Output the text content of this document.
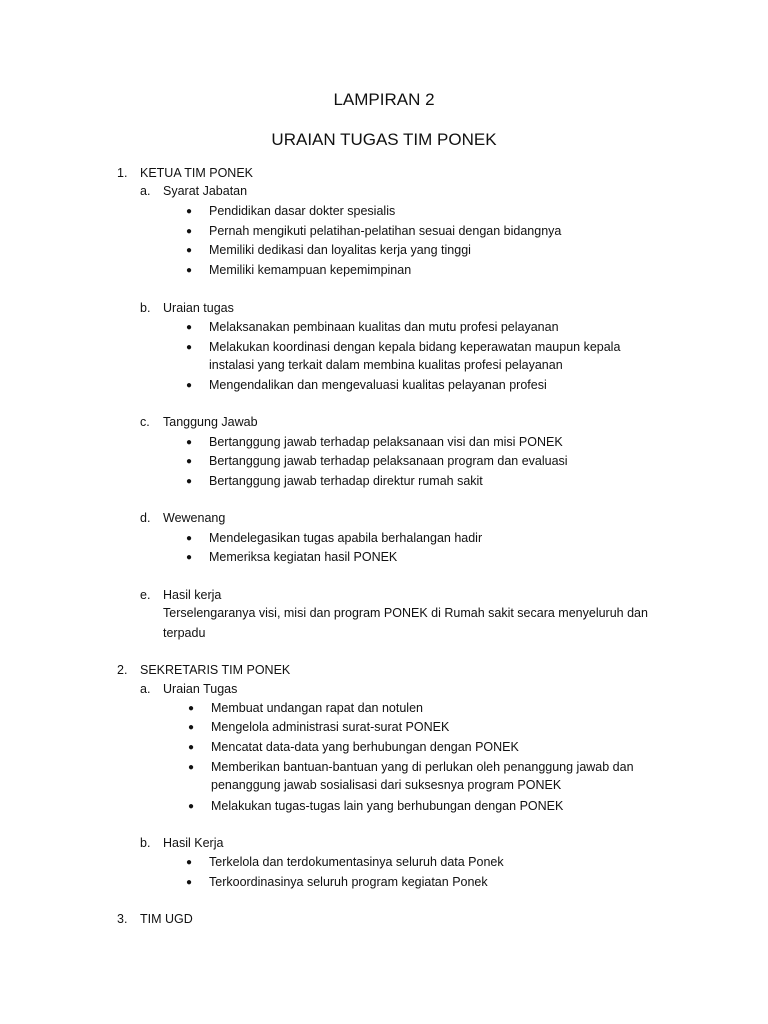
LAMPIRAN 2
URAIAN TUGAS TIM PONEK
1. KETUA TIM PONEK
a. Syarat Jabatan
● Pendidikan dasar dokter spesialis
● Pernah mengikuti pelatihan-pelatihan sesuai dengan bidangnya
● Memiliki dedikasi dan loyalitas kerja yang tinggi
● Memiliki kemampuan kepemimpinan
b. Uraian tugas
● Melaksanakan pembinaan kualitas dan mutu profesi pelayanan
● Melakukan koordinasi dengan kepala bidang keperawatan maupun kepala
instalasi yang terkait dalam membina kualitas profesi pelayanan
● Mengendalikan dan mengevaluasi kualitas pelayanan profesi
c. Tanggung Jawab
● Bertanggung jawab terhadap pelaksanaan visi dan misi PONEK
● Bertanggung jawab terhadap pelaksanaan program dan evaluasi
● Bertanggung jawab terhadap direktur rumah sakit
d. Wewenang
● Mendelegasikan tugas apabila berhalangan hadir
● Memeriksa kegiatan hasil PONEK
e. Hasil kerja
Terselengaranya visi, misi dan program PONEK di Rumah sakit secara menyeluruh dan
terpadu
2. SEKRETARIS TIM PONEK
a. Uraian Tugas
● Membuat undangan rapat dan notulen
● Mengelola administrasi surat-surat PONEK
● Mencatat data-data yang berhubungan dengan PONEK
● Memberikan bantuan-bantuan yang di perlukan oleh penanggung jawab dan
penanggung jawab sosialisasi dari suksesnya program PONEK
● Melakukan tugas-tugas lain yang berhubungan dengan PONEK
b. Hasil Kerja
● Terkelola dan terdokumentasinya seluruh data Ponek
● Terkoordinasinya seluruh program kegiatan Ponek
3. TIM UGD
